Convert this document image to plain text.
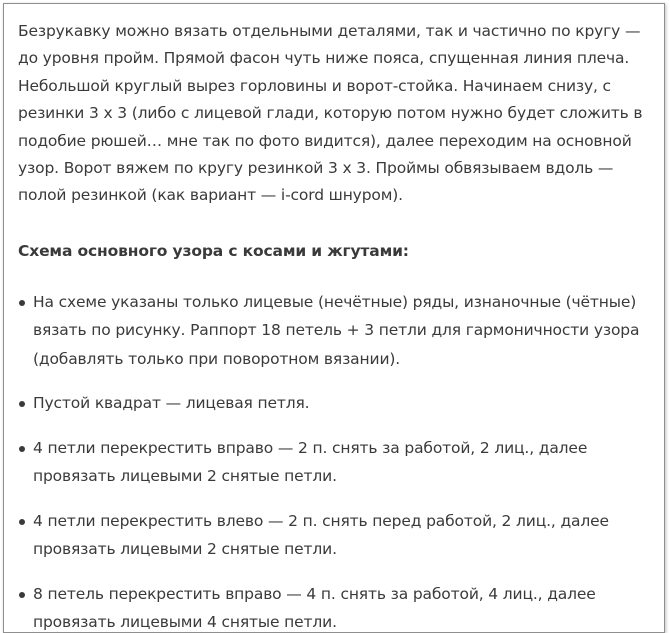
Безрукавку можно вязать отдельными деталями, так и частично по кругу — до уровня пройм. Прямой фасон чуть ниже пояса, спущенная линия плеча. Небольшой круглый вырез горловины и ворот-стойка. Начинаем снизу, с резинки 3 х 3 (либо с лицевой глади, которую потом нужно будет сложить в подобие рюшей… мне так по фото видится), далее переходим на основной узор. Ворот вяжем по кругу резинкой 3 х 3. Проймы обвязываем вдоль — полой резинкой (как вариант — i-cord шнуром).

Схема основного узора с косами и жгутами:

На схеме указаны только лицевые (нечётные) ряды, изнаночные (чётные) вязать по рисунку. Раппорт 18 петель + 3 петли для гармоничности узора (добавлять только при поворотном вязании).
Пустой квадрат — лицевая петля.
4 петли перекрестить вправо — 2 п. снять за работой, 2 лиц., далее провязать лицевыми 2 снятые петли.
4 петли перекрестить влево — 2 п. снять перед работой, 2 лиц., далее провязать лицевыми 2 снятые петли.
8 петель перекрестить вправо — 4 п. снять за работой, 4 лиц., далее провязать лицевыми 4 снятые петли.
